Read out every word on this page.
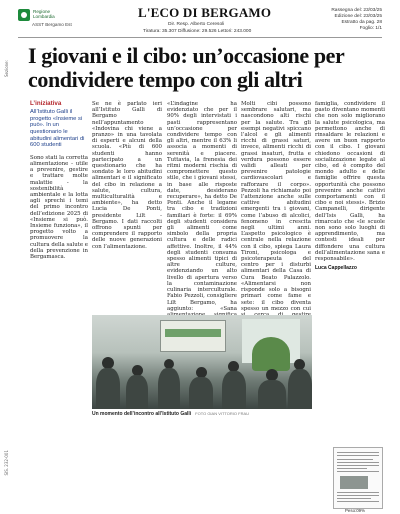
Sezione:
SIS. 232-001
Regione
Lombardia
ASST Bergamo Est
L'ECO DI BERGAMO
Dir. Resp. Alberto Ceresoli
Tiratura: 35.307 Diffusione: 29.526 Lettori: 243.000
Rassegna del: 23/03/25
Edizione del: 23/03/25
Estratto da pag. 28
Foglio: 1/1
I giovani e il cibo: un’occasione per condividere tempo con gli altri
L’iniziativa
All’Istituto Galli il progetto «Insieme si può». In un questionario le abitudini alimentari di 600 studenti
Sono stati la corretta alimentazione - utile a prevenire, gestire e trattare molte malattie - la sostenibilità ambientale e la lotta agli sprechi i temi del primo incontro dell’edizione 2025 di «Insieme si può. Insieme funziona», il progetto volto a promuovere la cultura della salute e della prevenzione in Bergamasca.
Se ne è parlato ieri all’Istituto Galli di Bergamo nell’appuntamento «Indovina chi viene a pranzo» in una tavolata di esperti e alcuni della scuola. «Più di 600 studenti hanno partecipato a un questionario che ha sondato le loro abitudini alimentari e il significato del cibo in relazione a salute, cultura, multiculturalità e ambiente», ha detto Lucia De Ponti, presidente Lilt - Bergamo. I dati raccolti offrono spunti per comprendere il rapporto delle nuove generazioni con l’alimentazione.
«L’indagine ha evidenziato che per il 90% degli intervistati i pasti rappresentano un’occasione per condividere tempo con gli altri, mentre il 63% li associa a momenti di serenità e piacere. Tuttavia, la frenesia dei ritmi moderni rischia di compromettere questo stile, che i giovani stessi, in base alle risposte date, desiderano recuperare», ha detto De Ponti. Anche il legame tra cibo e tradizioni familiari è forte: il 69% degli studenti considera gli alimenti come simbolo della propria cultura e delle radici affettive. Inoltre, il 44% degli studenti consuma spesso alimenti tipici di altre culture, evidenziando un alto livello di apertura verso la contaminazione culinaria interculturale. Fabio Pezzoli, consigliere Lilt Bergamo, ha aggiunto: «Sana
Molti cibi possono sembrare salutari, ma nascondono alti rischi per la salute. Tra gli esempi negativi spiccano l’alcol e gli alimenti ricchi di grassi saturi, invece, alimenti ricchi di grassi insaturi, frutta e verdura possono essere validi alleati per prevenire patologie cardiovascolari e rafforzare il corpo». Pezzoli ha richiamato poi l’attenzione anche sulle cattive abitudini emergenti tra i giovani, come l’abuso di alcolici, fenomeno in crescita negli ultimi anni. L’aspetto psicologico è centrale nella relazione con il cibo, spiega Laura Tironi, psicologa e psicoterapeuta del centro per i disturbi alimentari della Casa di Cura Beato Palazzolo. «Alimentarsi non risponde solo a bisogni primari come fame e sete: il cibo diventa spesso un mezzo con cui
famiglia, condividere il pasto diventano momenti che non solo migliorano la salute psicologica, ma permettono anche di rinsaldare le relazioni e avere un buon rapporto con il cibo. I giovani chiedono occasioni di socializzazione legate al cibo, ed è compito del mondo adulto e delle famiglie offrire questa opportunità che possono prevenire anche cattivi comportamenti con il cibo e noi stessi». Brizio Campanelli, dirigente dell’Isis Galli, ha rimarcato che «le scuole non sono solo luoghi di apprendimento, ma contesti ideali per diffondere una cultura dell’alimentazione sana e responsabile».
Luca Cappellazzo
Un momento dell’incontro all’Istituto Galli FOTO GIAN VITTORIO FRAU
Peso:09%
